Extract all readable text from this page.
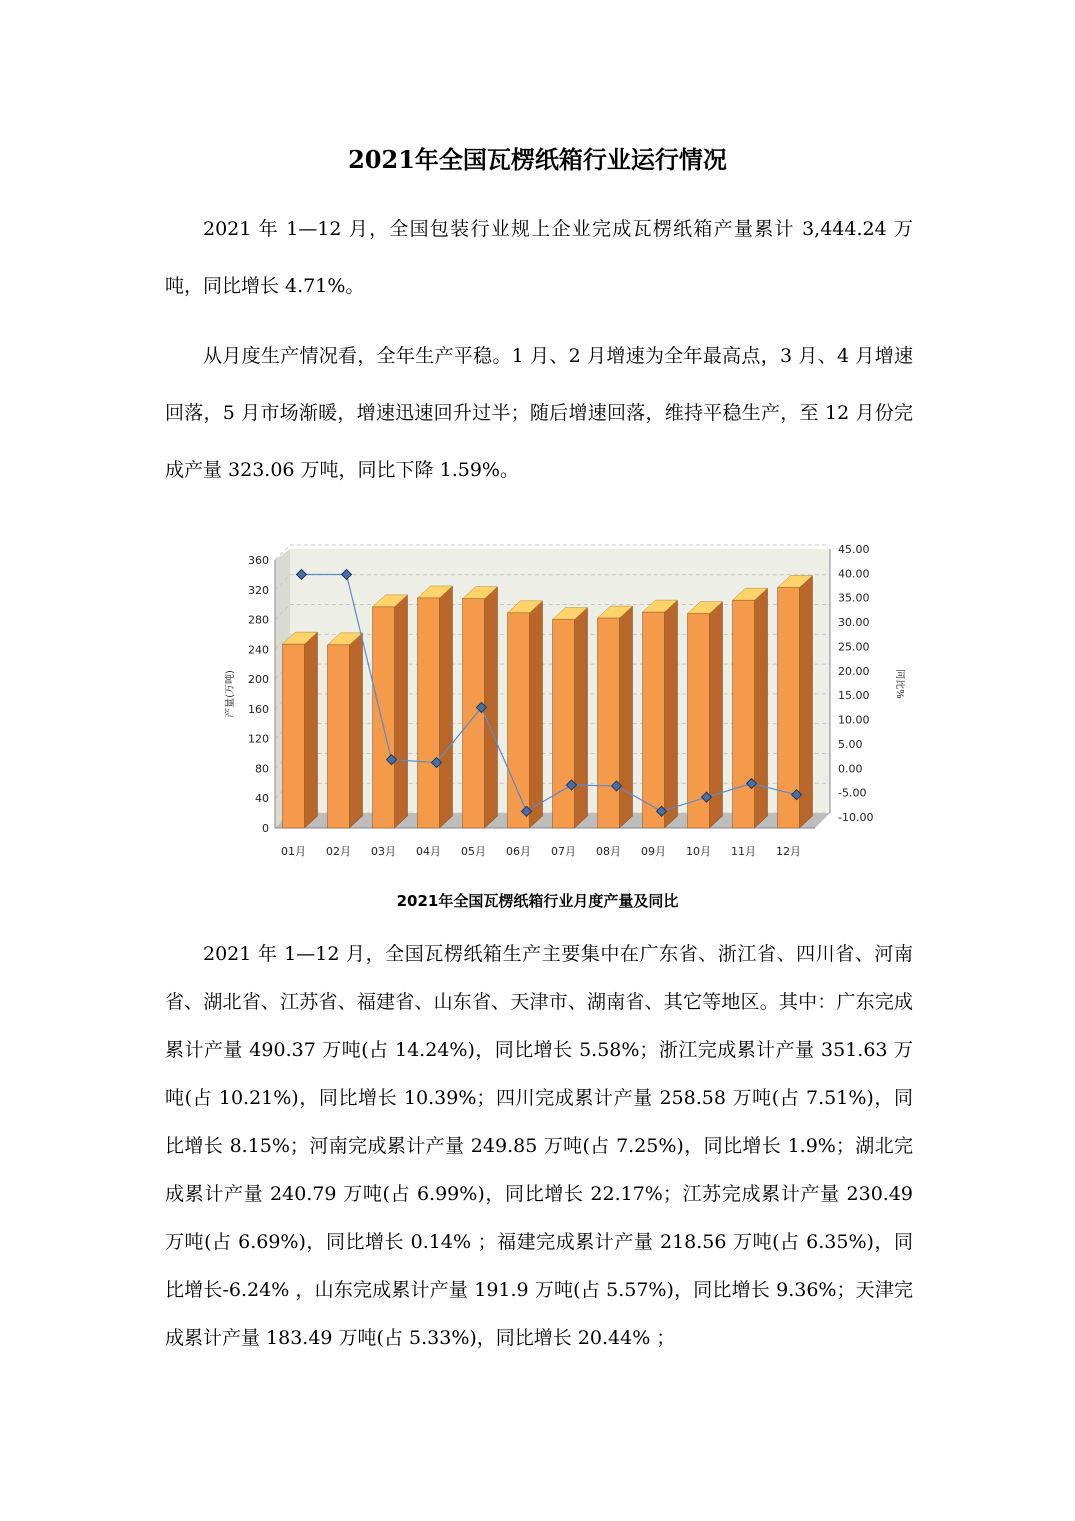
2021年全国瓦楞纸箱行业运行情况

2021 年 1—12 月，全国包装行业规上企业完成瓦楞纸箱产量累计 3,444.24 万吨，同比增长 4.71%。

从月度生产情况看，全年生产平稳。1 月、2 月增速为全年最高点，3 月、4 月增速回落，5 月市场渐暖，增速迅速回升过半；随后增速回落，维持平稳生产，至 12 月份完成产量 323.06 万吨，同比下降 1.59%。

0
40
80
120
160
200
240
280
320
360
-10.00
-5.00
0.00
5.00
10.00
15.00
20.00
25.00
30.00
35.00
40.00
45.00
产量(万吨)	同比%
01月 02月 03月 04月 05月 06月 07月 08月 09月 10月 11月 12月

2021年全国瓦楞纸箱行业月度产量及同比

2021 年 1—12 月，全国瓦楞纸箱生产主要集中在广东省、浙江省、四川省、河南省、湖北省、江苏省、福建省、山东省、天津市、湖南省、其它等地区。其中：广东完成累计产量 490.37 万吨(占 14.24%)，同比增长 5.58%；浙江完成累计产量 351.63 万吨(占 10.21%)，同比增长 10.39%；四川完成累计产量 258.58 万吨(占 7.51%)，同比增长 8.15%；河南完成累计产量 249.85 万吨(占 7.25%)，同比增长 1.9%；湖北完成累计产量 240.79 万吨(占 6.99%)，同比增长 22.17%；江苏完成累计产量 230.49 万吨(占 6.69%)，同比增长 0.14% ；福建完成累计产量 218.56 万吨(占 6.35%)，同比增长-6.24% ，山东完成累计产量 191.9 万吨(占 5.57%)，同比增长 9.36%；天津完成累计产量 183.49 万吨(占 5.33%)，同比增长 20.44% ；
